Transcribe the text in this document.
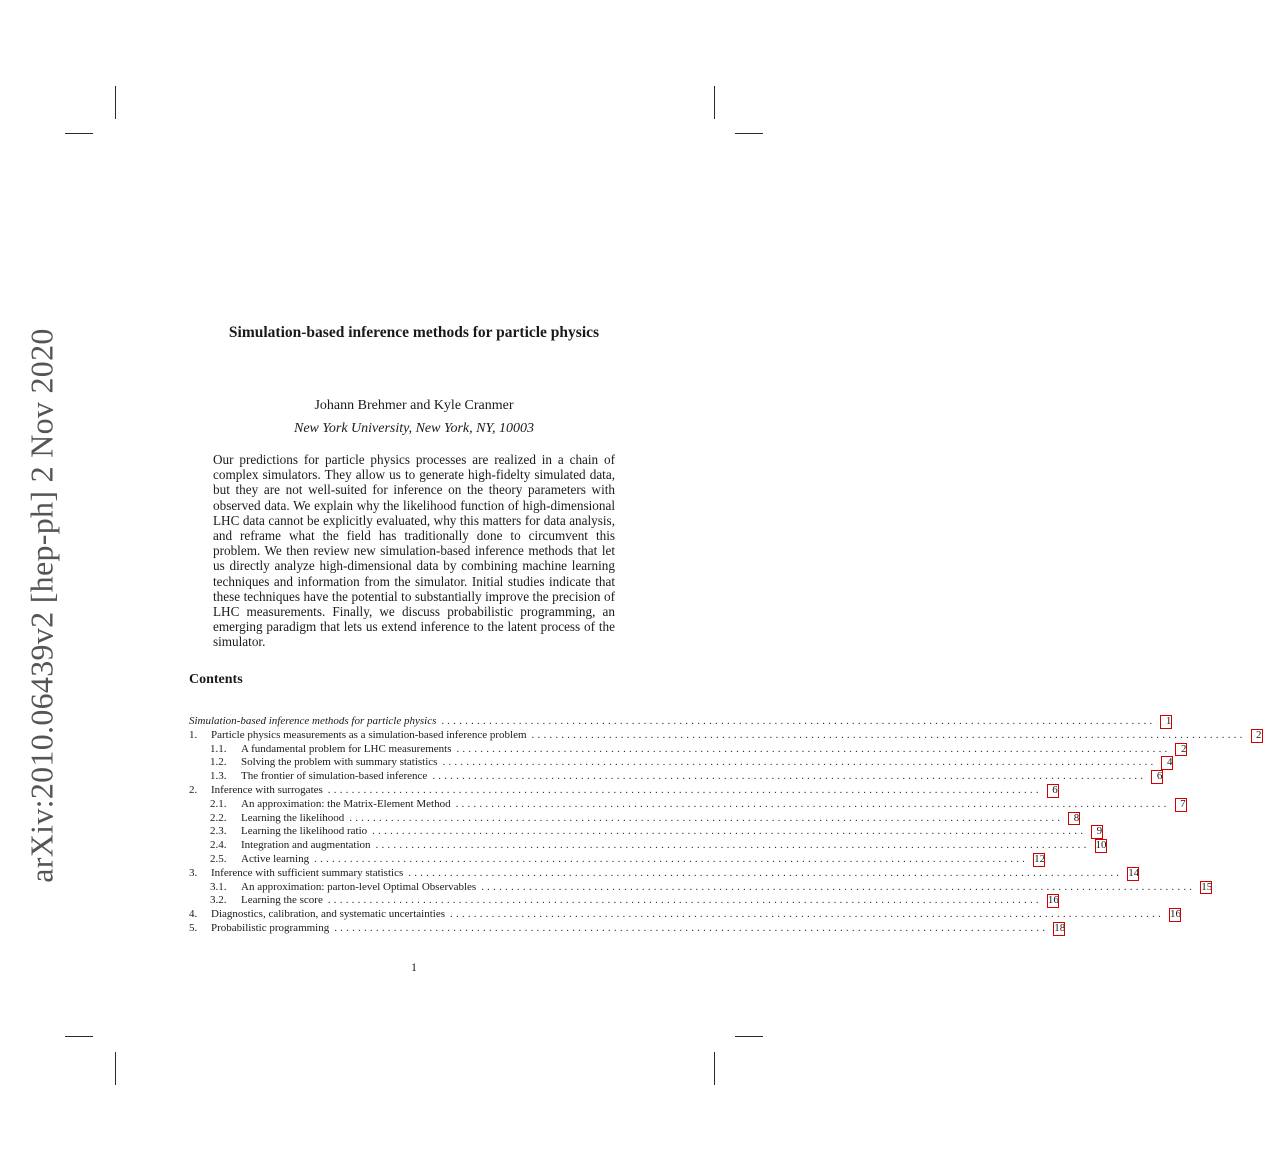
arXiv:2010.06439v2 [hep-ph] 2 Nov 2020	Simulation-based inference methods for particle physics
Johann Brehmer and Kyle Cranmer
New York University, New York, NY, 10003
Our predictions for particle physics processes are realized in a chain of complex simulators. They allow us to generate high-fidelty simulated data, but they are not well-suited for inference on the theory parameters with observed data. We explain why the likelihood function of high-dimensional LHC data cannot be explicitly evaluated, why this matters for data analysis, and reframe what the field has traditionally done to circumvent this problem. We then review new simulation-based inference methods that let us directly analyze high-dimensional data by combining machine learning techniques and information from the simulator. Initial studies indicate that these techniques have the potential to substantially improve the precision of LHC measurements. Finally, we discuss probabilistic programming, an emerging paradigm that lets us extend inference to the latent process of the simulator.
Contents
Simulation-based inference methods for particle physics ........................................................................................................................ 1
1.	Particle physics measurements as a simulation-based inference problem ........................................................................................................................ 2
1.1.	A fundamental problem for LHC measurements ........................................................................................................................ 2
1.2.	Solving the problem with summary statistics ........................................................................................................................ 4
1.3.	The frontier of simulation-based inference ........................................................................................................................ 6
2.	Inference with surrogates ........................................................................................................................ 6
2.1.	An approximation: the Matrix-Element Method ........................................................................................................................ 7
2.2.	Learning the likelihood ........................................................................................................................ 8
2.3.	Learning the likelihood ratio ........................................................................................................................ 9
2.4.	Integration and augmentation ........................................................................................................................ 10
2.5.	Active learning ........................................................................................................................ 12
3.	Inference with sufficient summary statistics ........................................................................................................................ 14
3.1.	An approximation: parton-level Optimal Observables ........................................................................................................................ 15
3.2.	Learning the score ........................................................................................................................ 16
4.	Diagnostics, calibration, and systematic uncertainties ........................................................................................................................ 16
5.	Probabilistic programming ........................................................................................................................ 18
1
